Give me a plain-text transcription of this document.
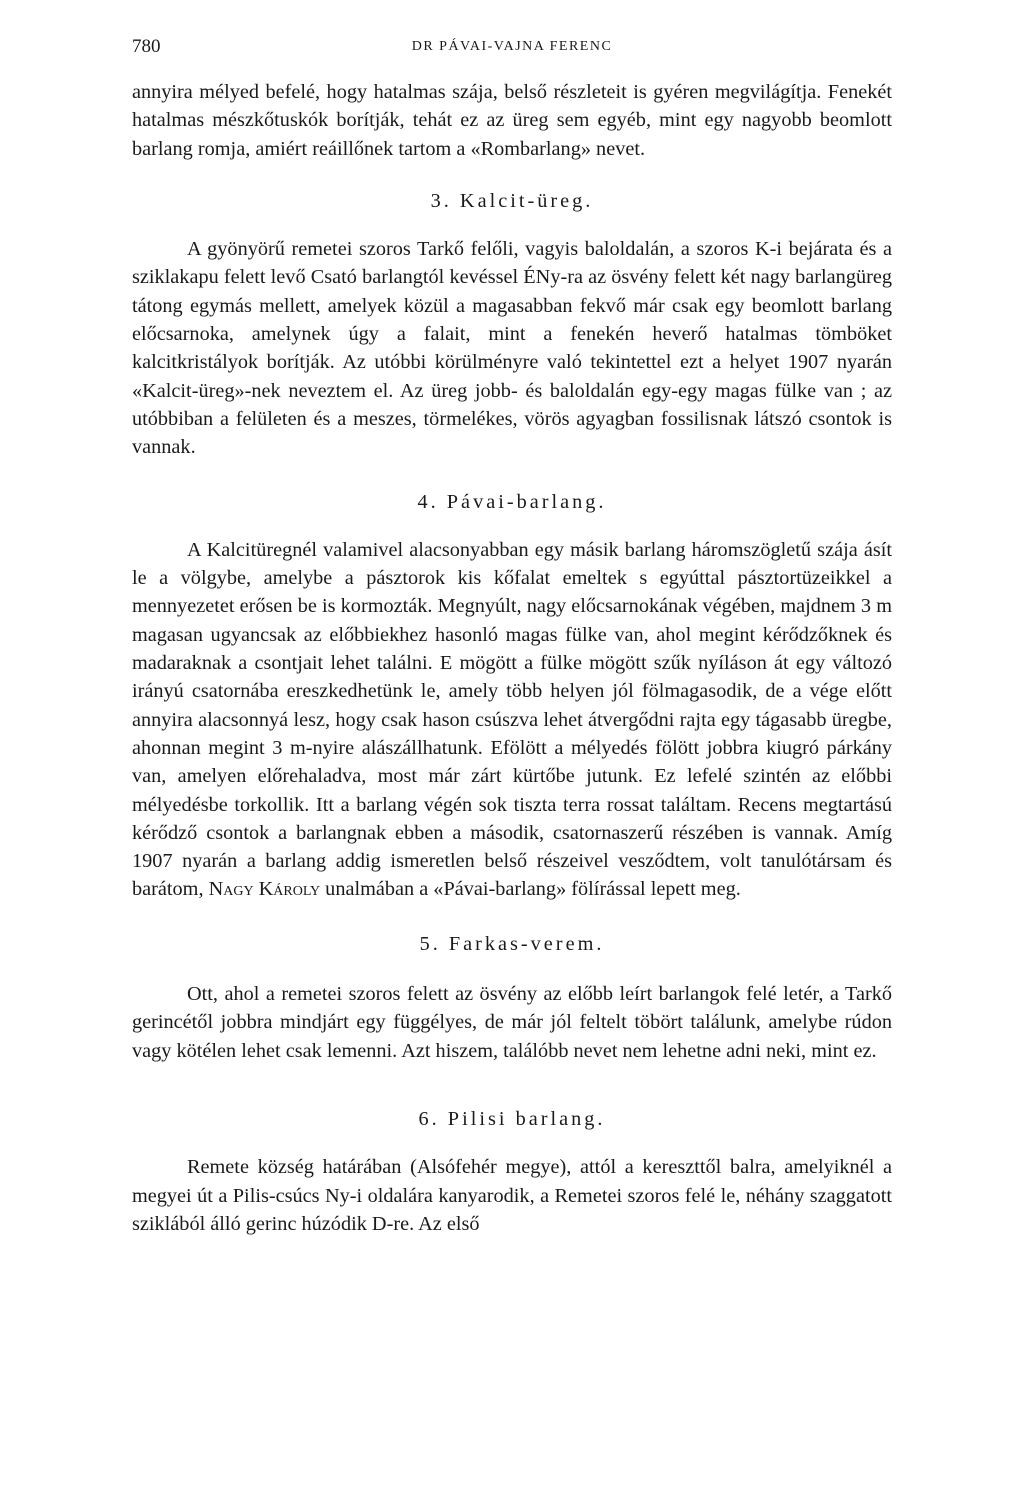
780	DR PÁVAI-VAJNA FERENC

annyira mélyed befelé, hogy hatalmas szája, belső részleteit is gyéren megvilágítja. Fenekét hatalmas mészkőtuskók borítják, tehát ez az üreg sem egyéb, mint egy nagyobb beomlott barlang romja, amiért reáillőnek tartom a «Rombarlang» nevet.

3. Kalcit-üreg.

A gyönyörű remetei szoros Tarkő felőli, vagyis baloldalán, a szoros K-i bejárata és a sziklakapu felett levő Csató barlangtól kevéssel ÉNy-ra az ösvény felett két nagy barlangüreg tátong egymás mellett, amelyek közül a magasabban fekvő már csak egy beomlott barlang előcsarnoka, amelynek úgy a falait, mint a fenekén heverő hatalmas tömböket kalcitkristályok borítják. Az utóbbi körülményre való tekintettel ezt a helyet 1907 nyarán «Kalcit-üreg»-nek neveztem el. Az üreg jobb- és baloldalán egy-egy magas fülke van ; az utóbbiban a felületen és a meszes, törmelékes, vörös agyagban fossilisnak látszó csontok is vannak.

4. Pávai-barlang.

A Kalcitüregnél valamivel alacsonyabban egy másik barlang háromszögletű szája ásít le a völgybe, amelybe a pásztorok kis kőfalat emeltek s egyúttal pásztortüzeikkel a mennyezetet erősen be is kormozták. Megnyúlt, nagy előcsarnokának végében, majdnem 3 m magasan ugyancsak az előbbiekhez hasonló magas fülke van, ahol megint kérődzőknek és madaraknak a csontjait lehet találni. E mögött a fülke mögött szűk nyíláson át egy változó irányú csatornába ereszkedhetünk le, amely több helyen jól fölmagasodik, de a vége előtt annyira alacsonnyá lesz, hogy csak hason csúszva lehet átvergődni rajta egy tágasabb üregbe, ahonnan megint 3 m-nyire alászállhatunk. Efölött a mélyedés fölött jobbra kiugró párkány van, amelyen előrehaladva, most már zárt kürtőbe jutunk. Ez lefelé szintén az előbbi mélyedésbe torkollik. Itt a barlang végén sok tiszta terra rossat találtam. Recens megtartású kérődző csontok a barlangnak ebben a második, csatornaszerű részében is vannak. Amíg 1907 nyarán a barlang addig ismeretlen belső részeivel vesződtem, volt tanulótársam és barátom, Nagy Károly unalmában a «Pávai-barlang» fölírással lepett meg.

5. Farkas-verem.

Ott, ahol a remetei szoros felett az ösvény az előbb leírt barlangok felé letér, a Tarkő gerincétől jobbra mindjárt egy függélyes, de már jól feltelt töbört találunk, amelybe rúdon vagy kötélen lehet csak lemenni. Azt hiszem, találóbb nevet nem lehetne adni neki, mint ez.

6. Pilisi barlang.

Remete község határában (Alsófehér megye), attól a kereszttől balra, amelyiknél a megyei út a Pilis-csúcs Ny-i oldalára kanyarodik, a Remetei szoros felé le, néhány szaggatott sziklából álló gerinc húzódik D-re. Az első
